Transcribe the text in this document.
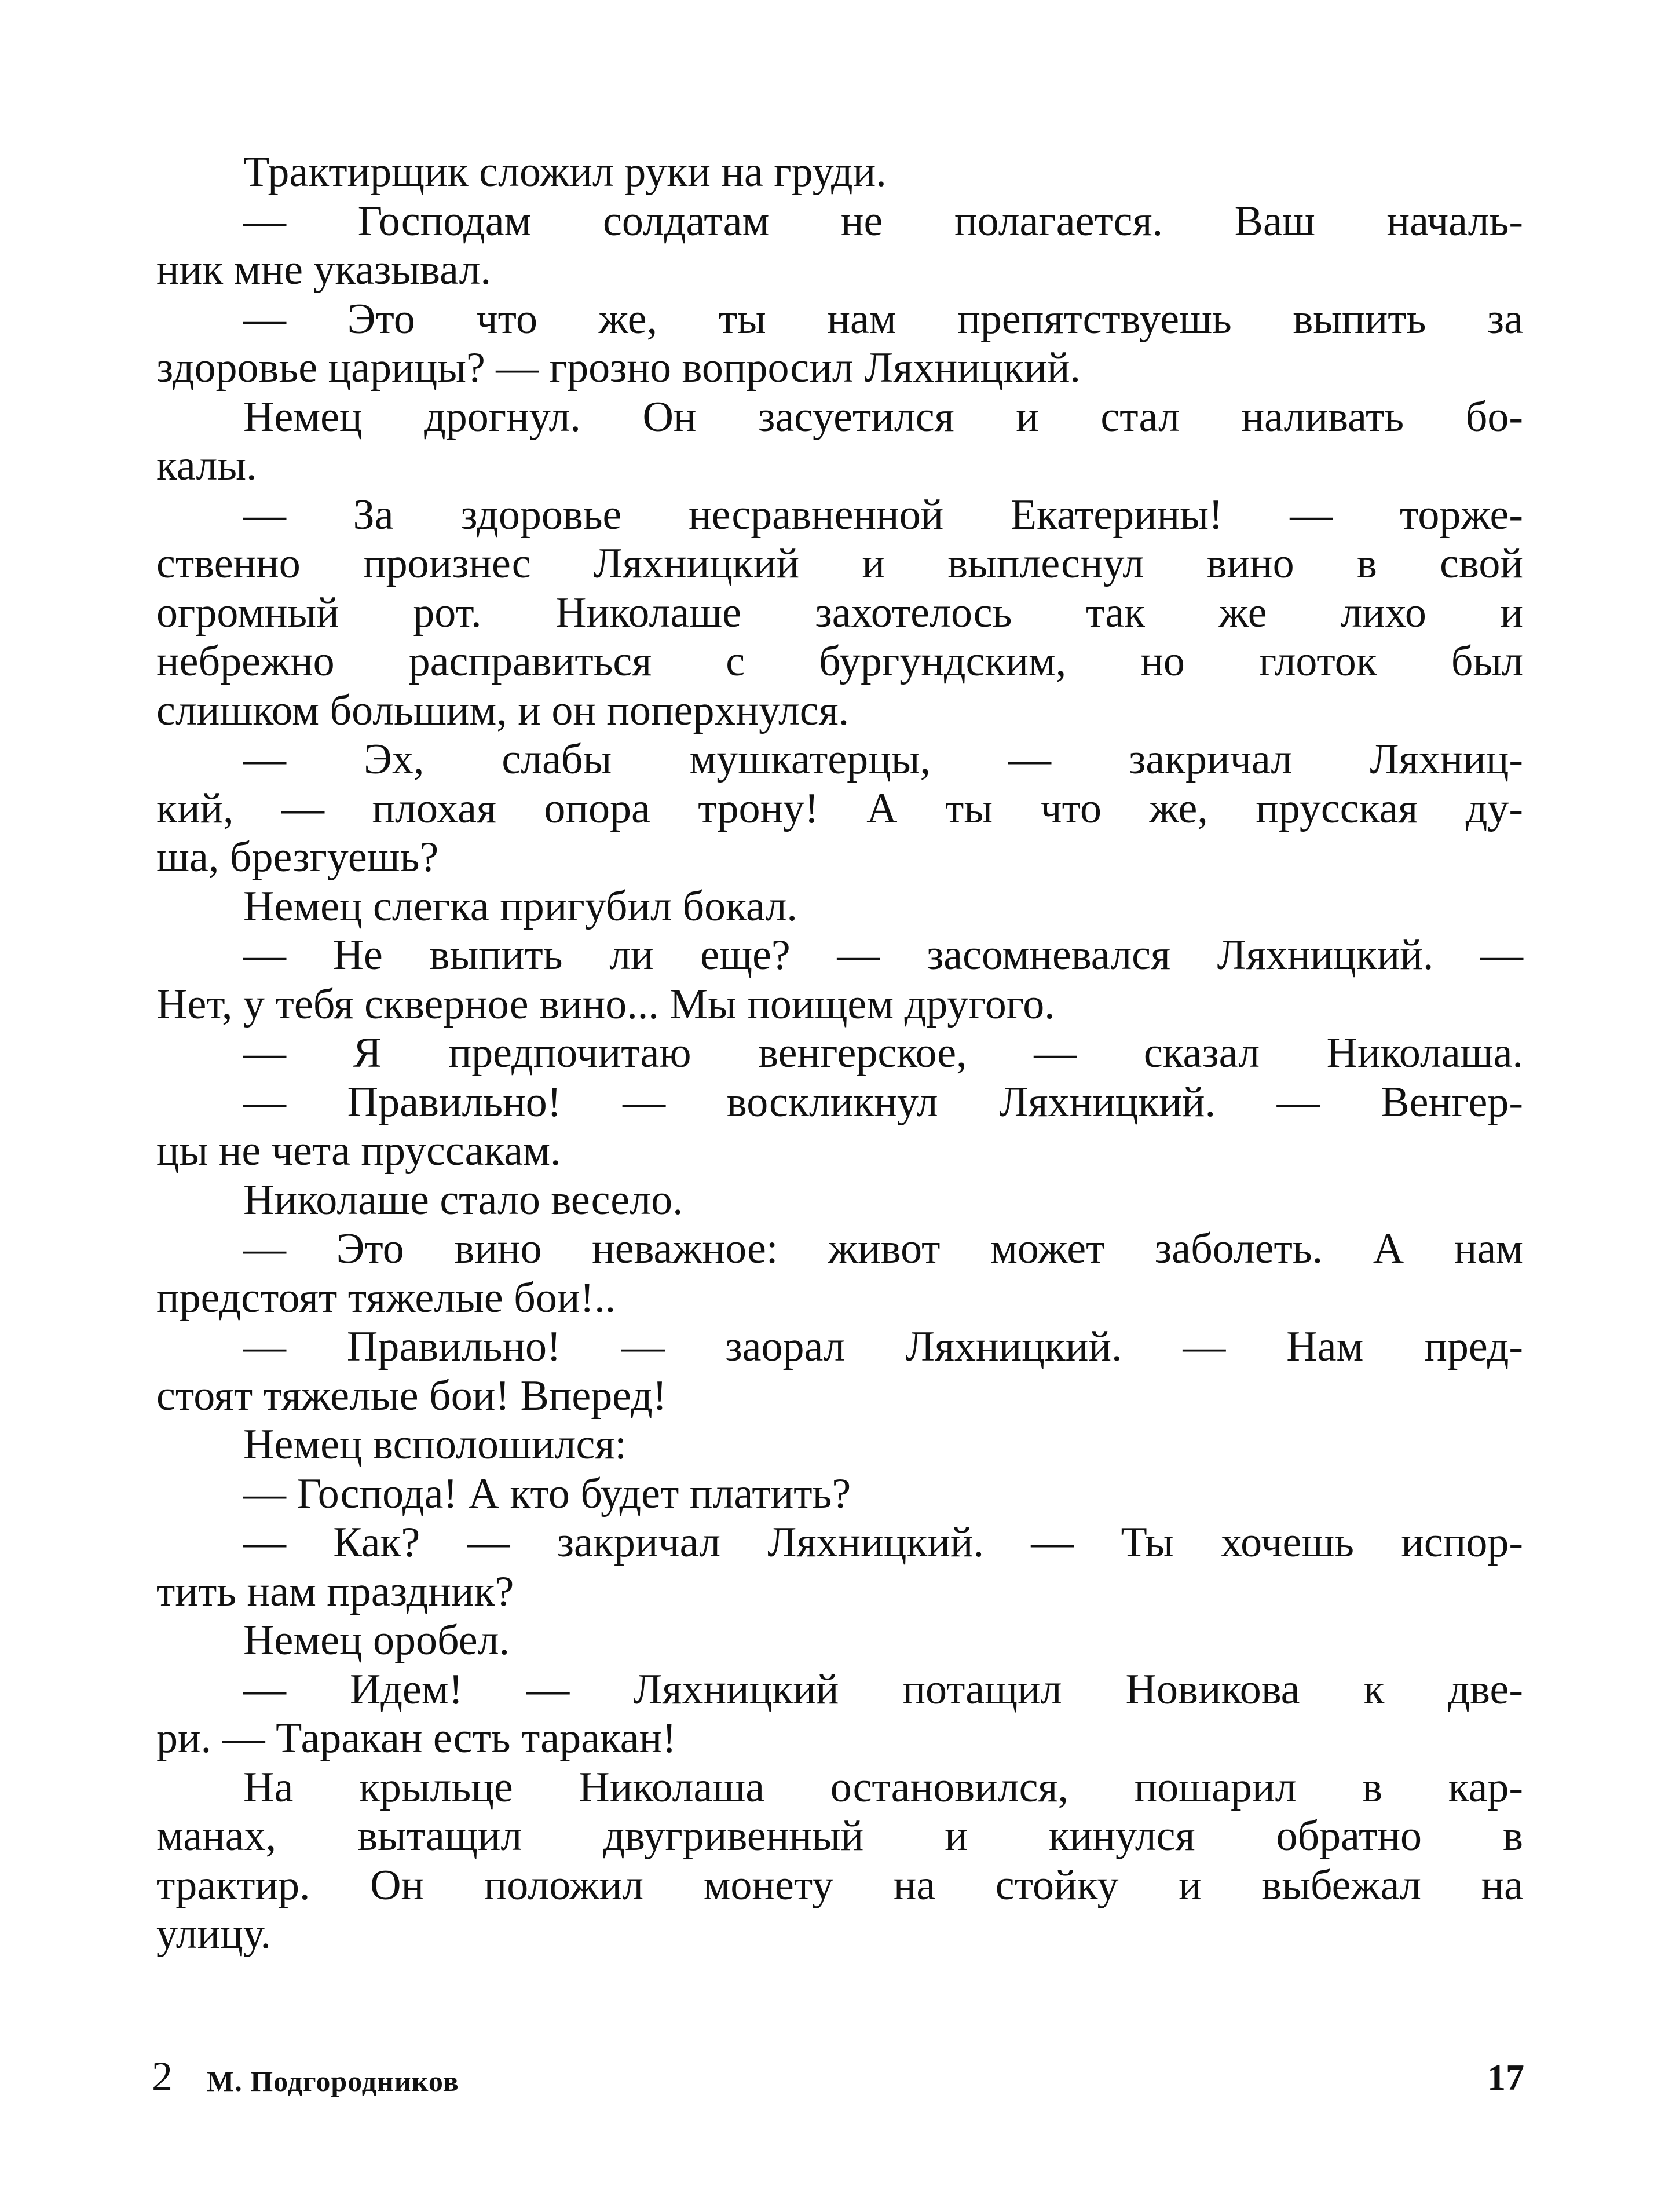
Трактирщик сложил руки на груди.
— Господам солдатам не полагается. Ваш началь-
ник мне указывал.
— Это что же, ты нам препятствуешь выпить за
здоровье царицы? — грозно вопросил Ляхницкий.
Немец дрогнул. Он засуетился и стал наливать бо-
калы.
— За здоровье несравненной Екатерины! — торже-
ственно произнес Ляхницкий и выплеснул вино в свой
огромный рот. Николаше захотелось так же лихо и
небрежно расправиться с бургундским, но глоток был
слишком большим, и он поперхнулся.
— Эх, слабы мушкатерцы, — закричал Ляхниц-
кий, — плохая опора трону! А ты что же, прусская ду-
ша, брезгуешь?
Немец слегка пригубил бокал.
— Не выпить ли еще? — засомневался Ляхницкий. —
Нет, у тебя скверное вино... Мы поищем другого.
— Я предпочитаю венгерское, — сказал Николаша.
— Правильно! — воскликнул Ляхницкий. — Венгер-
цы не чета пруссакам.
Николаше стало весело.
— Это вино неважное: живот может заболеть. А нам
предстоят тяжелые бои!..
— Правильно! — заорал Ляхницкий. — Нам пред-
стоят тяжелые бои! Вперед!
Немец всполошился:
— Господа! А кто будет платить?
— Как? — закричал Ляхницкий. — Ты хочешь испор-
тить нам праздник?
Немец оробел.
— Идем! — Ляхницкий потащил Новикова к две-
ри. — Таракан есть таракан!
На крыльце Николаша остановился, пошарил в кар-
манах, вытащил двугривенный и кинулся обратно в
трактир. Он положил монету на стойку и выбежал на
улицу.
2 М. Подгородников	17
